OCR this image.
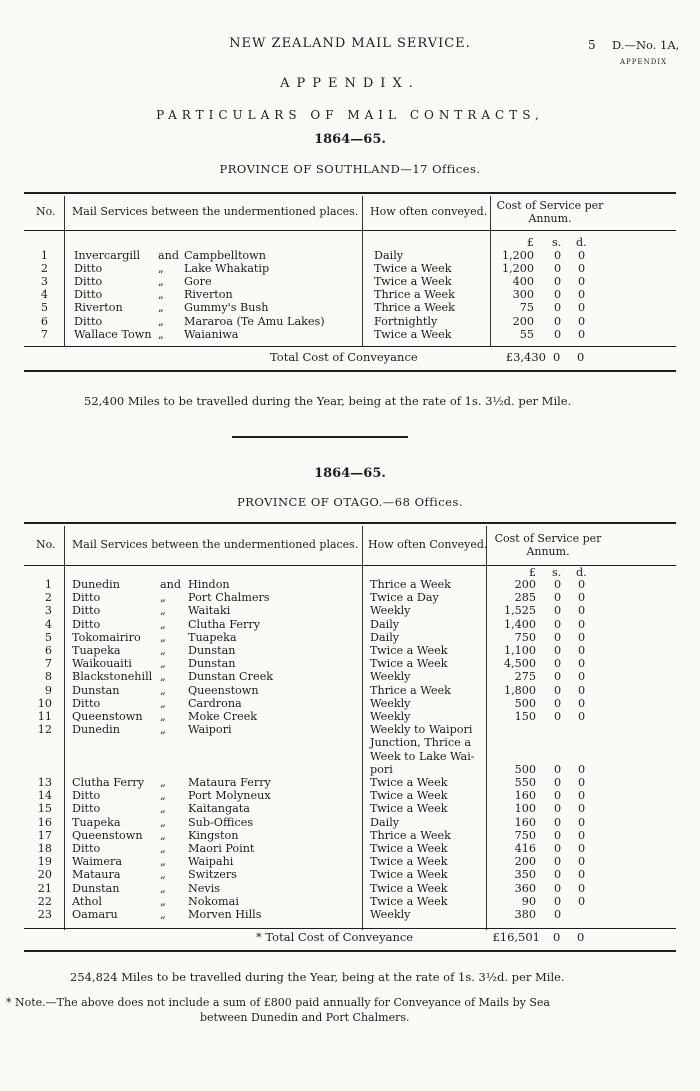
NEW ZEALAND MAIL SERVICE.	5 D.—No. 1A,
APPENDIX
APPENDIX.
PARTICULARS OF MAIL CONTRACTS,
1864—65.
PROVINCE OF SOUTHLAND—17 Offices.
No. Mail Services between the undermentioned places. How often conveyed. Cost of Service per Annum.
£ s. d.
1 Invercargill and Campbelltown	Daily	1,200 0 0
2 Ditto	„ Lake Whakatip	Twice a Week	1,200 0 0
3 Ditto	„ Gore	Twice a Week	400 0 0
4 Ditto	„ Riverton	Thrice a Week	300 0 0
5 Riverton	„ Gummy's Bush	Thrice a Week	75 0 0
6 Ditto	„ Mararoa (Te Amu Lakes)	Fortnightly	200 0 0
7 Wallace Town „ Waianiwa	Twice a Week	55 0 0
Total Cost of Conveyance	£3,430 0 0
52,400 Miles to be travelled during the Year, being at the rate of 1s. 3½d. per Mile.
1864—65.
PROVINCE OF OTAGO.—68 Offices.
No. Mail Services between the undermentioned places. How often Conveyed. Cost of Service per Annum.
£ s. d.
1 Dunedin	and Hindon	Thrice a Week	200 0 0
2 Ditto	„ Port Chalmers	Twice a Day	285 0 0
3 Ditto	„ Waitaki	Weekly	1,525 0 0
4 Ditto	„ Clutha Ferry	Daily	1,400 0 0
5 Tokomairiro „ Tuapeka	Daily	750 0 0
6 Tuapeka	„ Dunstan	Twice a Week	1,100 0 0
7 Waikouaiti	„ Dunstan	Twice a Week	4,500 0 0
8 Blackstonehill „ Dunstan Creek	Weekly	275 0 0
9 Dunstan	„ Queenstown	Thrice a Week	1,800 0 0
10 Ditto	„ Cardrona	Weekly	500 0 0
11 Queenstown „ Moke Creek	Weekly	150 0 0
12 Dunedin	„ Waipori	Weekly to Waipori
Junction, Thrice a
Week to Lake Wai-
pori	500 0 0
13 Clutha Ferry „ Mataura Ferry	Twice a Week	550 0 0
14 Ditto	„ Port Molyneux	Twice a Week	160 0 0
15 Ditto	„ Kaitangata	Twice a Week	100 0 0
16 Tuapeka	„ Sub-Offices	Daily	160 0 0
17 Queenstown „ Kingston	Thrice a Week	750 0 0
18 Ditto	„ Maori Point	Twice a Week	416 0 0
19 Waimera	„ Waipahi	Twice a Week	200 0 0
20 Mataura	„ Switzers	Twice a Week	350 0 0
21 Dunstan	„ Nevis	Twice a Week	360 0 0
22 Athol	„ Nokomai	Twice a Week	90 0 0
23 Oamaru	„ Morven Hills	Weekly	380 0
* Total Cost of Conveyance	£16,501 0 0
254,824 Miles to be travelled during the Year, being at the rate of 1s. 3½d. per Mile.
* Note.—The above does not include a sum of £800 paid annually for Conveyance of Mails by Sea
between Dunedin and Port Chalmers.
